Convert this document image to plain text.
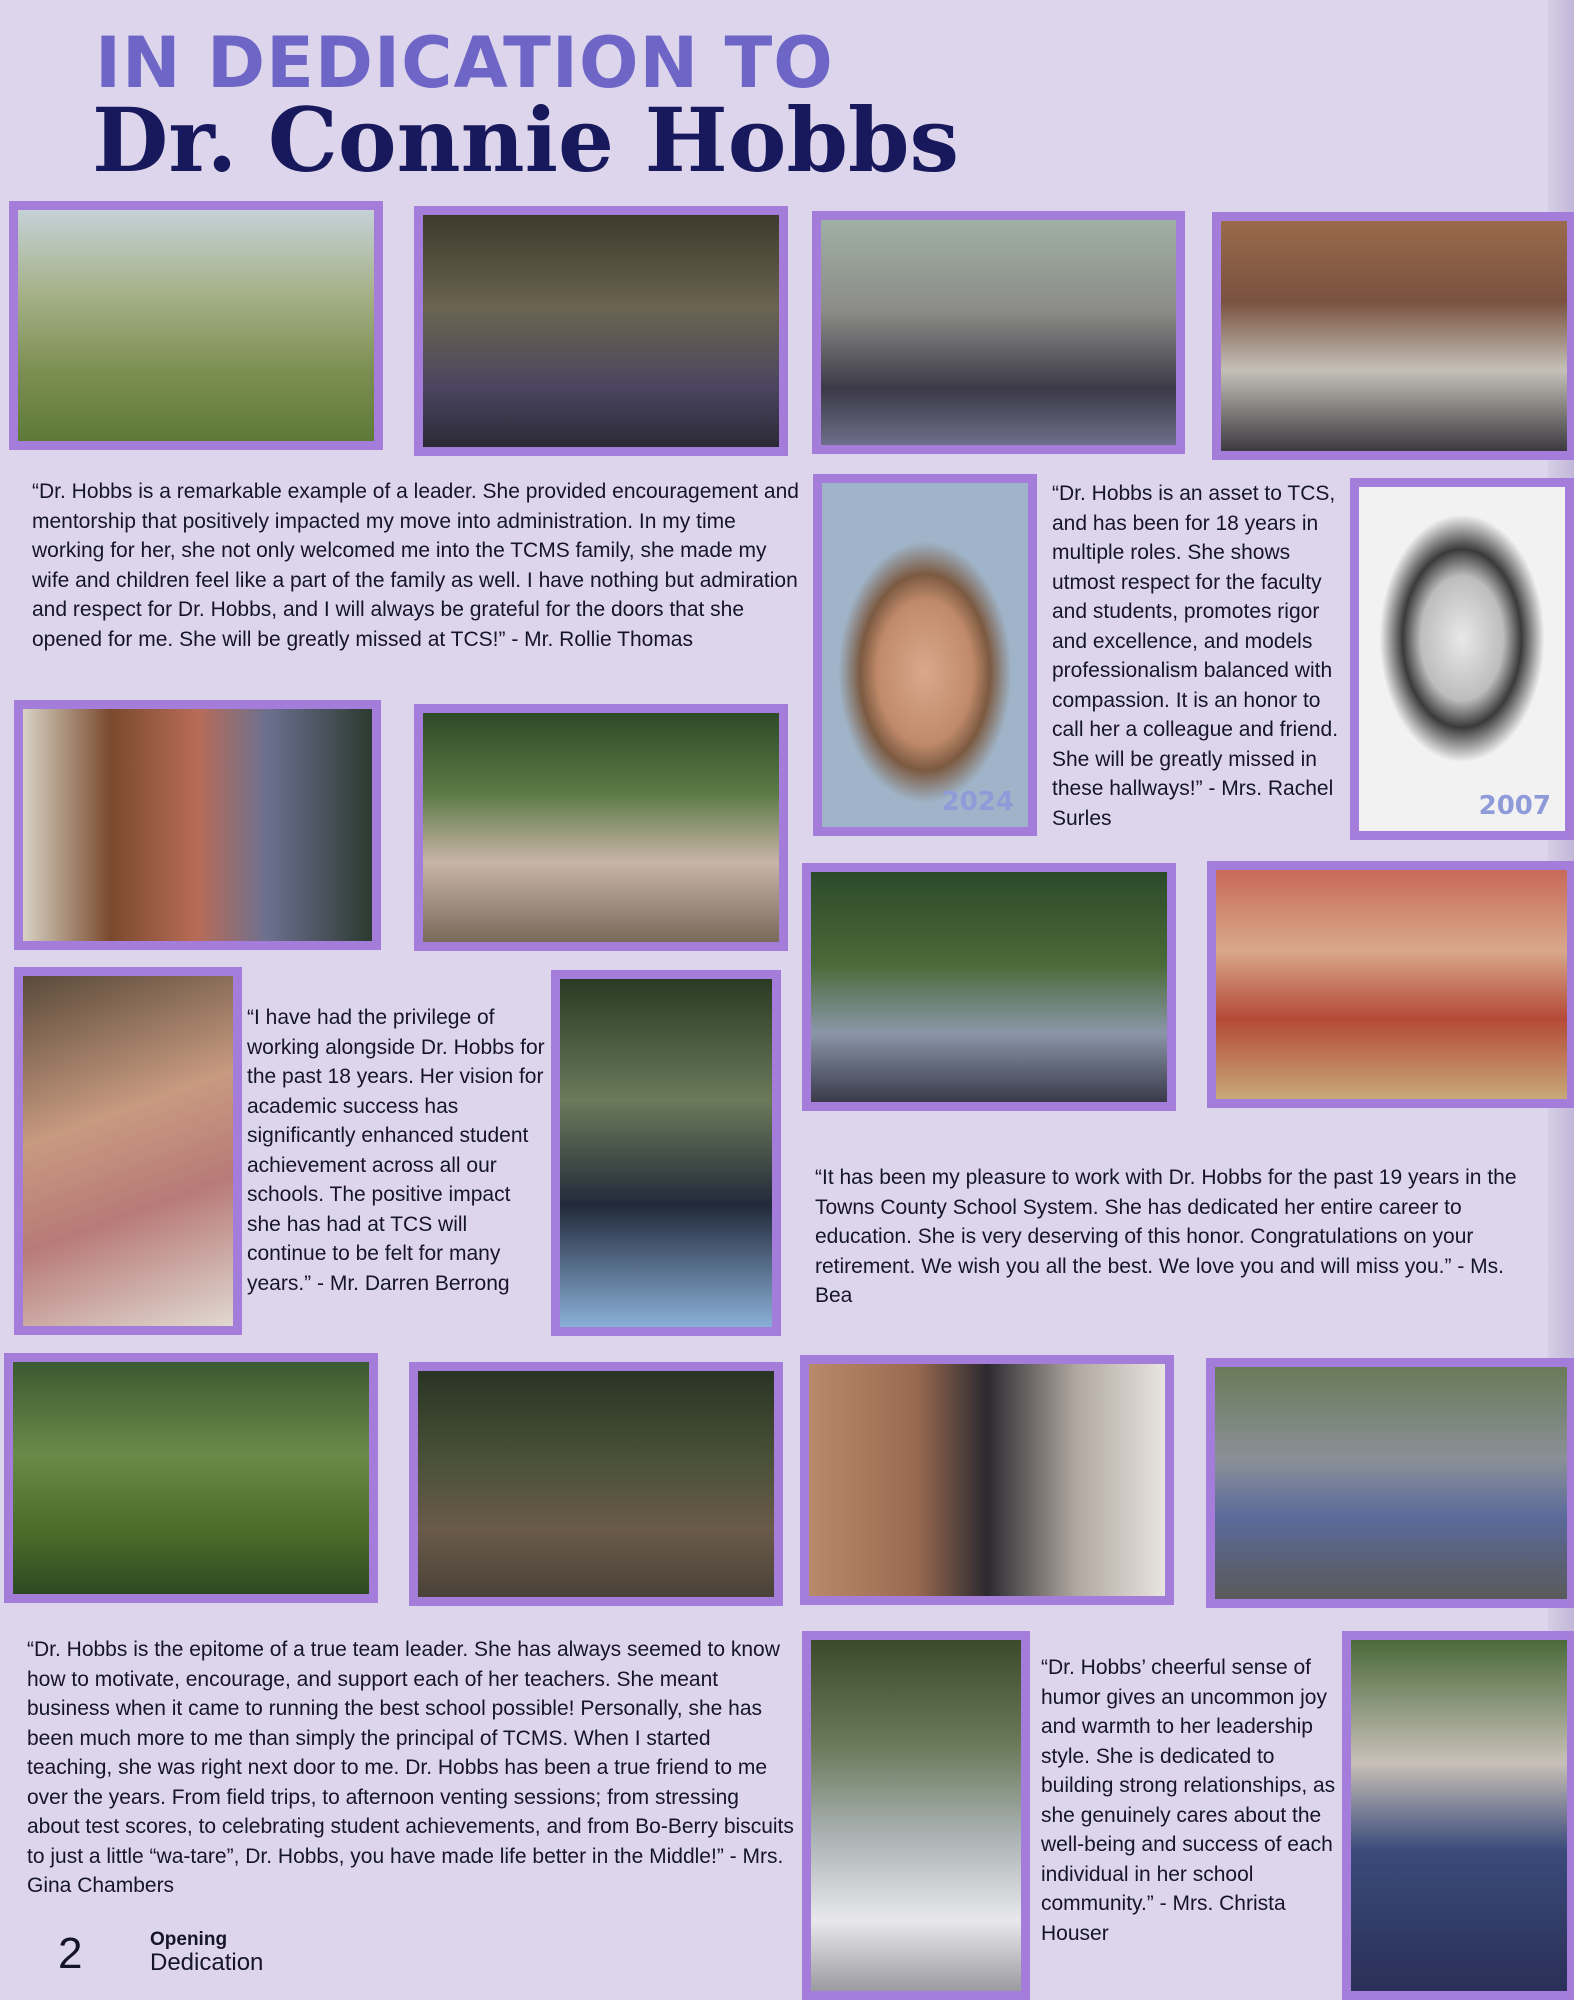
IN DEDICATION TO
Dr. Connie Hobbs

“Dr. Hobbs is a remarkable example of a leader. She provided encouragement and mentorship that positively impacted my move into administration. In my time working for her, she not only welcomed me into the TCMS family, she made my wife and children feel like a part of the family as well. I have nothing but admiration and respect for Dr. Hobbs, and I will always be grateful for the doors that she opened for me. She will be greatly missed at TCS!” - Mr. Rollie Thomas

2024	2007

“Dr. Hobbs is an asset to TCS, and has been for 18 years in multiple roles. She shows utmost respect for the faculty and students, promotes rigor and excellence, and models professionalism balanced with compassion. It is an honor to call her a colleague and friend. She will be greatly missed in these hallways!” - Mrs. Rachel Surles

“I have had the privilege of working alongside Dr. Hobbs for the past 18 years. Her vision for academic success has significantly enhanced student achievement across all our schools. The positive impact she has had at TCS will continue to be felt for many years.” - Mr. Darren Berrong

“It has been my pleasure to work with Dr. Hobbs for the past 19 years in the Towns County School System. She has dedicated her entire career to education. She is very deserving of this honor. Congratulations on your retirement. We wish you all the best. We love you and will miss you.” - Ms. Bea

“Dr. Hobbs is the epitome of a true team leader. She has always seemed to know how to motivate, encourage, and support each of her teachers. She meant business when it came to running the best school possible! Personally, she has been much more to me than simply the principal of TCMS. When I started teaching, she was right next door to me. Dr. Hobbs has been a true friend to me over the years. From field trips, to afternoon venting sessions; from stressing about test scores, to celebrating student achievements, and from Bo-Berry biscuits to just a little “wa-tare”, Dr. Hobbs, you have made life better in the Middle!” - Mrs. Gina Chambers

“Dr. Hobbs’ cheerful sense of humor gives an uncommon joy and warmth to her leadership style. She is dedicated to building strong relationships, as she genuinely cares about the well-being and success of each individual in her school community.” - Mrs. Christa Houser

2	Opening
Dedication
